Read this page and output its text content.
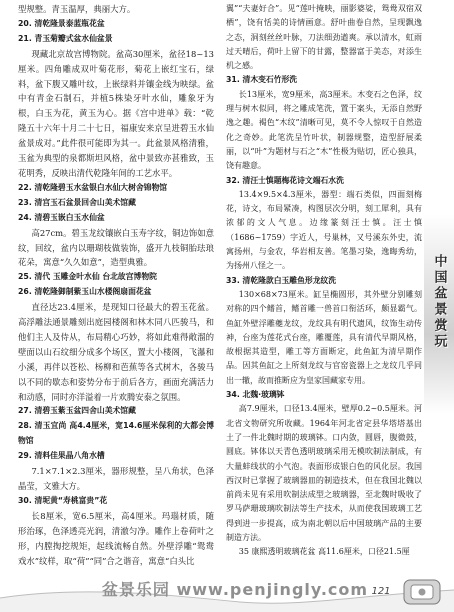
型规整。青玉温厚，典丽大方。

20. 清乾隆景泰蓝瓶花盆

21. 青玉菊瓣式盆水仙盆景

现藏北京故宫博物院。盆高30厘米，盆径18~13厘米。四角雕成双叶菊花形，菊花上嵌红宝石，绿料，盆下腹又雕叶纹，上嵌绿料并镶金线为映绿。盆中有青金石制石，并植5株染牙叶水仙，雕象牙为根，白玉为花，黄玉为心。据《宫中进单》载：“乾隆五十六年十月二十七日，福康安来京呈进碧玉水仙盆景成对。”此件很可能即为其一。此盆景风格清雅，玉盆为典型的泉都斯坦风格，盆中景致亦甚雅致，玉花明秀，反映出清代乾隆年间的工艺水平。

22. 清乾隆碧玉水盆银白水仙大树舍锦物馆

23. 清宫玉石盆景回舍山美术馆藏

24. 清碧玉嵌白玉水仙盆

高27cm。碧玉龙纹镶嵌白玉寿字纹，铜边饰如意纹，回纹，盆内以珊瑚枝做装饰，盛开九枝铜胎珐琅花朵，寓意“久久如意”，造型典雅。

25. 清代 玉雕金叶水仙 台北故宫博物院

26. 清乾隆御制紫玉山水楼阁扇面花盆

直径达23.4厘米，是现知口径最大的碧玉花盆。高浮雕法通景雕刻出庭园楼阁和林木同八匹骏马，和他们主人及侍从，布局精心巧妙，将如此难得敞溜的壁面以山石纹细分成多个场区，置大小楼阁，飞瀑和小溪，再伴以苍松、杨柳和芭蕉等各式树木，各骏马以不同的歇态和姿势分布于前后各方，画面充满活力和动感，同时亦洋溢着一片欢腾安泰之氛围。

27. 清碧玉紫玉盆四舍山美术馆藏

28. 清玉宜尚 高4.4厘米，宽14.6厘米保利的大都会博物馆

29. 清料佳果晶八角水槽

7.1×7.1×2.3厘米，器形规整，呈八角状，色泽晶莹，文雅大方。

30. 清坭黄“寿桃富贵”花

长8厘米，宽6.5厘米，高4厘米。玛瑙材质，随形治琢，色泽透亮光润，清澈匀净。雕作上卷荷叶之形，内膛掏挖规矩，起线流畅自然。外壁浮雕“鸳鸯戏水”纹样，取“荷”“同”合之谐音，寓意“白头比

翼”“夫妻好合”。见“莲叶掩映，丽影婆娑，鸳鸯双宿双栖”，饶有恬美的诗情画意。舒叶曲卷自然，呈现飘逸之态，洞刻丝丝叶脉，刀法细劲遒爽。承以清水，虹雨过天晴后，荷叶上留下的甘露，整器富于美态，对添生机之感。

31. 清木变石竹形洗

长13厘米，宽9厘米，高3厘米。木变石之色泽，纹理与树木似同，将之雕成笔洗，置于案头，无添自然野逸之趣。褐色“木纹”清晰可见，莫不令人惊叹于自然造化之奇妙。此笔洗呈竹叶状，制器规整，造型舒展柔丽，以“叶”为题材与石之“木”性极为贴切，匠心独具，饶有趣意。

32. 清汪士慎题梅花诗文端石水洗

13.4×9.5×4.3厘米，器型：端石类似，四面刻梅花，诗文，布局紧凑，构图层次分明，刻工犀利，具有浓郁的文人气息。边缘篆刻汪士慎。汪士慎（1686~1759）字近人，号巢林，又号溪东外史，流寓扬州，与金农，华岩相友善。笔墨习染，逸晦秀幼，为扬州八怪之一。

33. 清乾隆款白玉雕鱼形龙纹洗

130×68×73厘米。缸呈椭圆形，其外壁分别雕刻对称的四个鳍首，鳍首雕一兽首口衔活环，颇显霸气。鱼缸外壁浮雕夔龙纹，龙纹具有明代遗风，纹饰生动传神，台座为莲花式台座，雕覆莲，具有清代早期风格，故根据其造型，雕工等方面断定，此鱼缸为清早期作品。因其鱼缸之上所刻龙纹与官窑瓷器上之龙纹几乎同出一辙，故而推断应为皇家国藏家专用。

34. 北魏·玻璃钵

高7.9厘米，口径13.4厘米，壁厚0.2~0.5厘米。河北省文物研究所收藏。1964年河北省定县华塔塔基出土了一件北魏时期的玻璃钵。口内敛，圆唇，腹微鼓，圆底。钵体以天青色透明玻璃采用无模吹制法制成，有大量蚌线状的小气泡。表面形成银白色的风化层。我国西汉时已掌握了玻璃器皿的制造技术，但在我国北魏以前尚未见有采用吹制法成型之玻璃器，至北魏时吸收了罗马萨珊玻璃吹制法等生产技术，从而使我国玻璃工艺得到进一步提高，成为南北朝以后中国玻璃产品的主要制造方法。

35 康熙透明玻璃花盆 高11.6厘米，口径21.5厘

中国盆景赏玩
盆景乐园 www.penjingly.com 121
